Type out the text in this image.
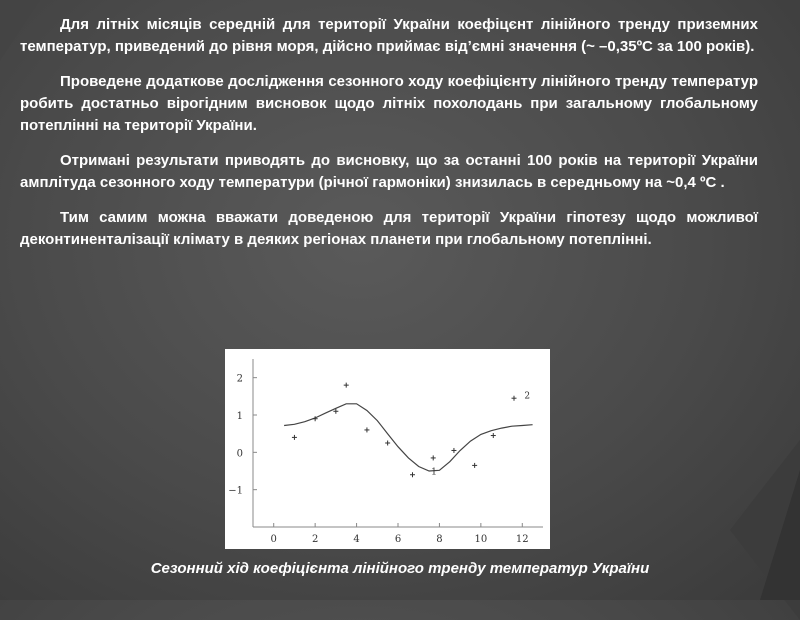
Для літніх місяців середній для території України коефіцєнт лінійного тренду приземних температур, приведений до рівня моря, дійсно приймає від’ємні значення (~ –0,35ºC за 100 років).

Проведене додаткове дослідження сезонного ходу коефіцієнту лінійного тренду температур робить достатньо вірогідним висновок щодо літніх похолодань при загальному глобальному потеплінні на території України.

Отримані результати приводять до висновку, що за останні 100 років на території України амплітуда сезонного ходу температури (річної гармоніки) знизилась в середньому на ~0,4 ºC .

Тим самим можна вважати доведеною для території України гіпотезу щодо можливої деконтиненталізації клімату в деяких регіонах планети при глобальному потеплінні.

0	2	4	6	8	10	12
2
1
0
−1
1
2
Сезонний хід коефіцієнта лінійного тренду температур України
